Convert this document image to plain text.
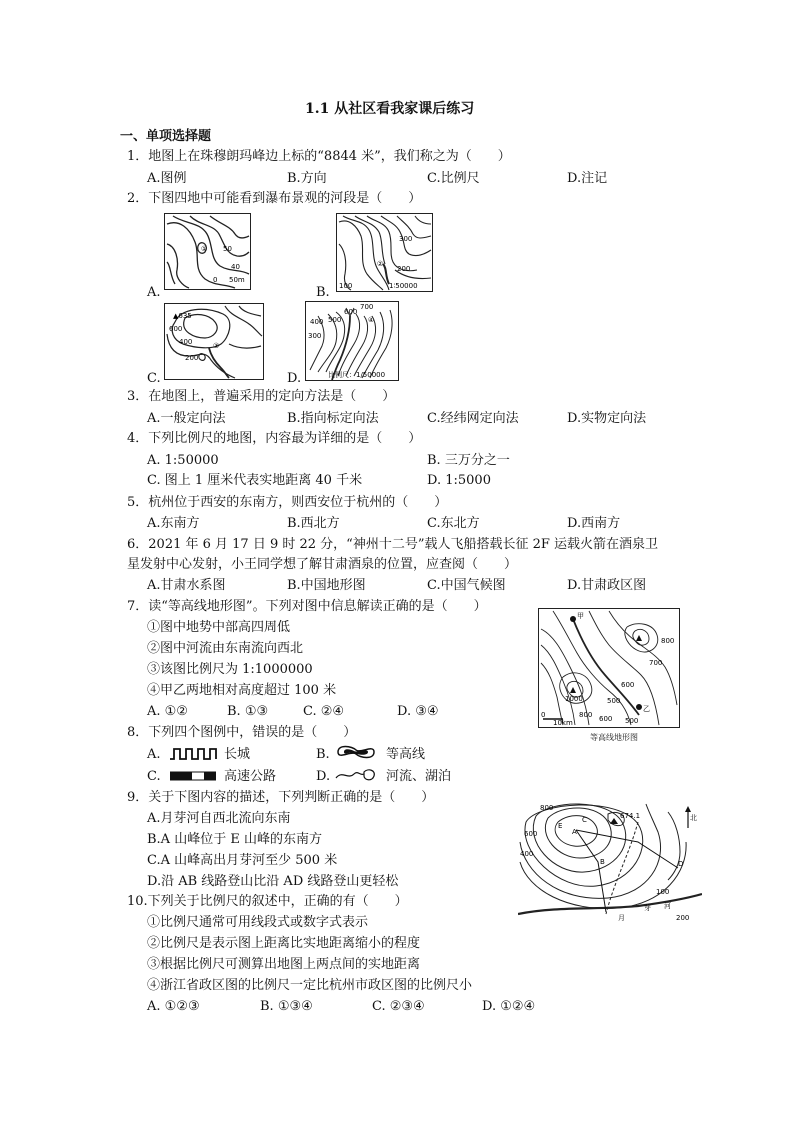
1.1 从社区看我家课后练习
一、单项选择题
1．地图上在珠穆朗玛峰边上标的“8844 米”，我们称之为（　　）
A.图例	B.方向	C.比例尺	D.注记
2．下图四地中可能看到瀑布景观的河段是（　　）
A.	B.
C.	D.
50
40
0 50m
①
300
200
100	1∶50000
②
▲635
600
400
200
③
600
700
500
400
300
④
比例尺：1/50000
3．在地图上，普遍采用的定向方法是（　　）
A.一般定向法	B.指向标定向法	C.经纬网定向法	D.实物定向法
4．下列比例尺的地图，内容最为详细的是（　　）
A. 1:50000	B. 三万分之一
C. 图上 1 厘米代表实地距离 40 千米	D. 1:5000
5．杭州位于西安的东南方，则西安位于杭州的（　　）
A.东南方	B.西北方	C.东北方	D.西南方
6．2021 年 6 月 17 日 9 时 22 分，“神州十二号”载人飞船搭载长征 2F 运载火箭在酒泉卫
星发射中心发射，小王同学想了解甘肃酒泉的位置，应查阅（　　）
A.甘肃水系图	B.中国地形图	C.中国气候图	D.甘肃政区图
7．读“等高线地形图”。下列对图中信息解读正确的是（　　）
①图中地势中部高四周低
②图中河流由东南流向西北
③该图比例尺为 1:1000000
④甲乙两地相对高度超过 100 米
A. ①②	B. ①③	C. ②④	D. ③④
甲
乙
800
700
600
500
800 600 500
1000
0
10km
等高线地形图
8．下列四个图例中，错误的是（　　）
A.	长城	B.	等高线
C.	高速公路	D.	河流、湖泊
9．关于下图内容的描述，下列判断正确的是（　　）
A.月芽河自西北流向东南
B.A 山峰位于 E 山峰的东南方
C.A 山峰高出月芽河至少 500 米
D.沿 AB 线路登山比沿 AD 线路登山更轻松
北
A
E
B
C
D
674.1
800
600
400
200
100
月
芽 河
10.下列关于比例尺的叙述中，正确的有（　　）
①比例尺通常可用线段式或数字式表示
②比例尺是表示图上距离比实地距离缩小的程度
③根据比例尺可测算出地图上两点间的实地距离
④浙江省政区图的比例尺一定比杭州市政区图的比例尺小
A. ①②③	B. ①③④	C. ②③④	D. ①②④
